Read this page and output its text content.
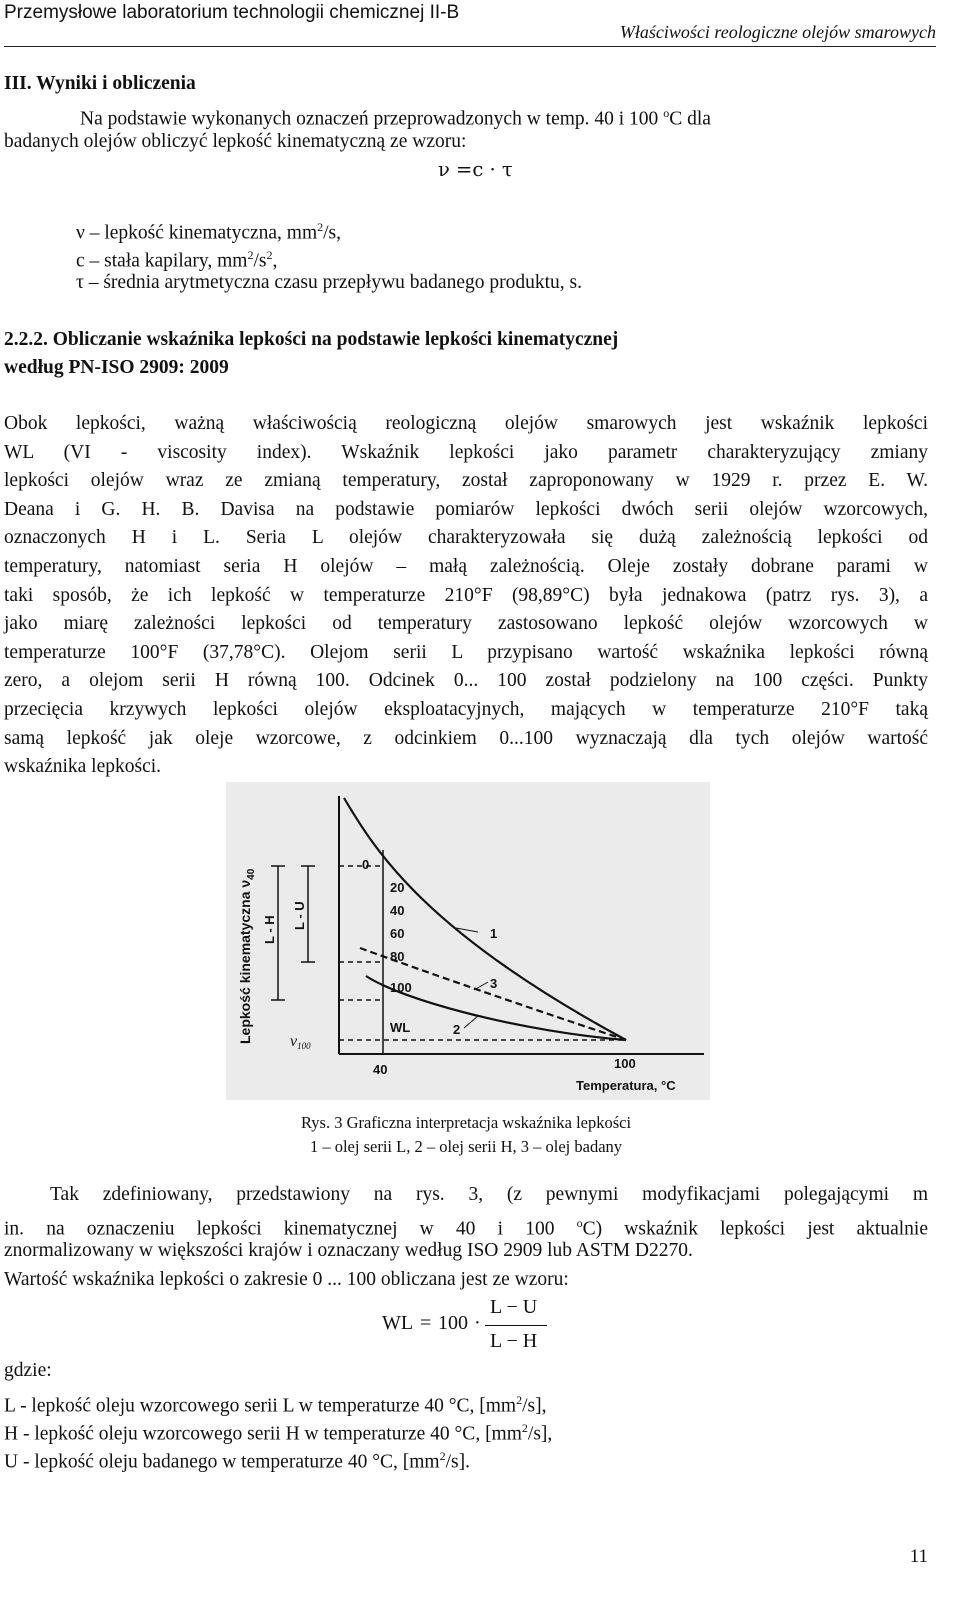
Przemysłowe laboratorium technologii chemicznej II-B
Właściwości reologiczne olejów smarowych
III. Wyniki i obliczenia
Na podstawie wykonanych oznaczeń przeprowadzonych w temp. 40 i 100 $^o$C dla
badanych olejów obliczyć lepkość kinematyczną ze wzoru:
ν =c · τ
ν – lepkość kinematyczna, $mm^2/s$,
c – stała kapilary, $mm^2/s^2$,
τ – średnia arytmetyczna czasu przepływu badanego produktu, s.
2.2.2. Obliczanie wskaźnika lepkości na podstawie lepkości kinematycznej
według PN-ISO 2909: 2009
Obok lepkości, ważną właściwością reologiczną olejów smarowych jest wskaźnik lepkości
WL (VI - viscosity index). Wskaźnik lepkości jako parametr charakteryzujący zmiany
lepkości olejów wraz ze zmianą temperatury, został zaproponowany w 1929 r. przez E. W.
Deana i G. H. B. Davisa na podstawie pomiarów lepkości dwóch serii olejów wzorcowych,
oznaczonych H i L. Seria L olejów charakteryzowała się dużą zależnością lepkości od
temperatury, natomiast seria H olejów – małą zależnością. Oleje zostały dobrane parami w
taki sposób, że ich lepkość w temperaturze 210°F (98,89°C) była jednakowa (patrz rys. 3), a
jako miarę zależności lepkości od temperatury zastosowano lepkość olejów wzorcowych w
temperaturze 100°F (37,78°C). Olejom serii L przypisano wartość wskaźnika lepkości równą
zero, a olejom serii H równą 100. Odcinek 0... 100 został podzielony na 100 części. Punkty
przecięcia krzywych lepkości olejów eksploatacyjnych, mających w temperaturze 210°F taką
samą lepkość jak oleje wzorcowe, z odcinkiem 0...100 wyznaczają dla tych olejów wartość
wskaźnika lepkości.
Lepkość kinematyczna $\nu_{40}$
L - H L - U
0
20
40
60
80
100
WL
1
2
3
ν100
40	100
Temperatura, °C
Rys. 3 Graficzna interpretacja wskaźnika lepkości
1 – olej serii L, 2 – olej serii H, 3 – olej badany
Tak zdefiniowany, przedstawiony na rys. 3, (z pewnymi modyfikacjami polegającymi m
in. na oznaczeniu lepkości kinematycznej w 40 i 100 $^o$C) wskaźnik lepkości jest aktualnie
znormalizowany w większości krajów i oznaczany według ISO 2909 lub ASTM D2270.
Wartość wskaźnika lepkości o zakresie 0 ... 100 obliczana jest ze wzoru:
WL = 100 ·
L − U
L − H
gdzie:
L - lepkość oleju wzorcowego serii L w temperaturze 40 °C, $[mm^2/s]$,
H - lepkość oleju wzorcowego serii H w temperaturze 40 °C, $[mm^2/s]$,
U - lepkość oleju badanego w temperaturze 40 °C, $[mm^2/s]$.
11
